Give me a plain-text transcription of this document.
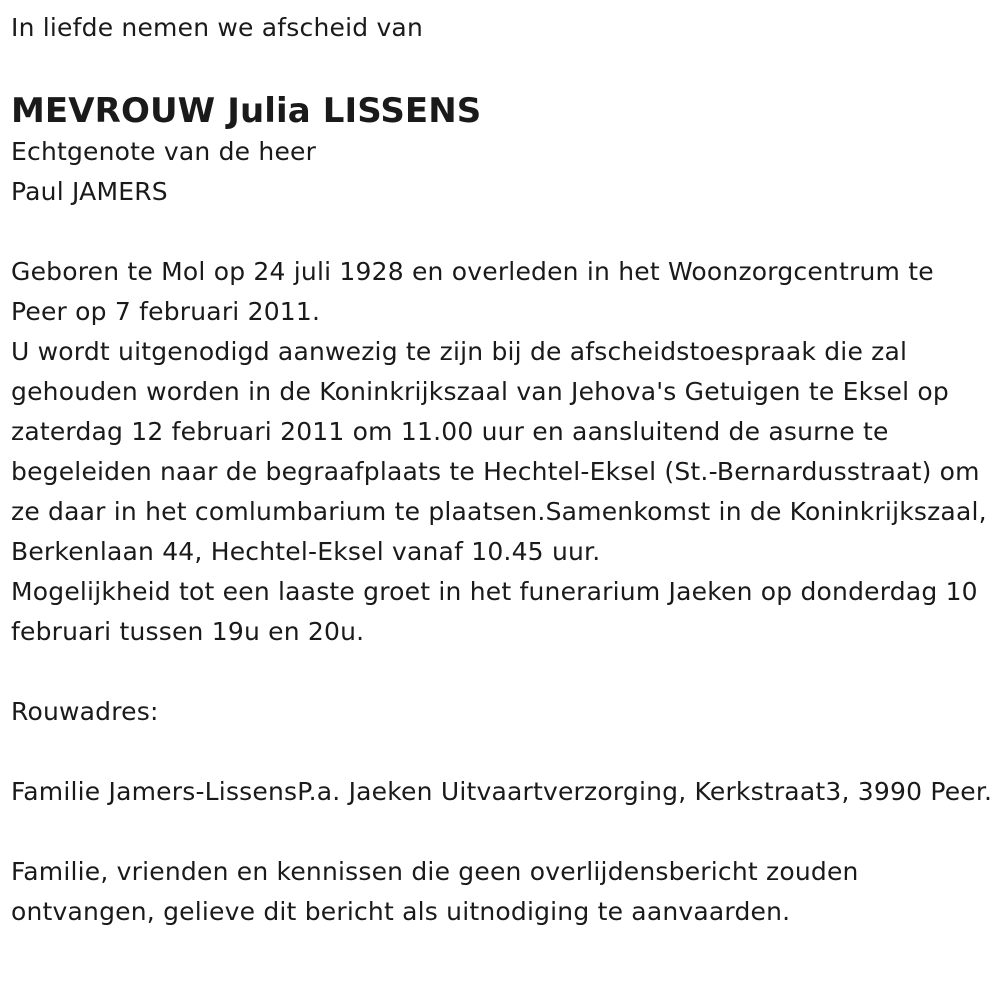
In liefde nemen we afscheid van

MEVROUW Julia LISSENS

Echtgenote van de heer

Paul JAMERS

Geboren te Mol op 24 juli 1928 en overleden in het Woonzorgcentrum te Peer op 7 februari 2011.

U wordt uitgenodigd aanwezig te zijn bij de afscheidstoespraak die zal gehouden worden in de Koninkrijkszaal van Jehova's Getuigen te Eksel op zaterdag 12 februari 2011 om 11.00 uur en aansluitend de asurne te begeleiden naar de begraafplaats te Hechtel-Eksel (St.-Bernardusstraat) om ze daar in het comlumbarium te plaatsen.Samenkomst in de Koninkrijkszaal, Berkenlaan 44, Hechtel-Eksel vanaf 10.45 uur.

Mogelijkheid tot een laaste groet in het funerarium Jaeken op donderdag 10 februari tussen 19u en 20u.

Rouwadres:

Familie Jamers-LissensP.a. Jaeken Uitvaartverzorging, Kerkstraat3, 3990 Peer.

Familie, vrienden en kennissen die geen overlijdensbericht zouden ontvangen, gelieve dit bericht als uitnodiging te aanvaarden.
